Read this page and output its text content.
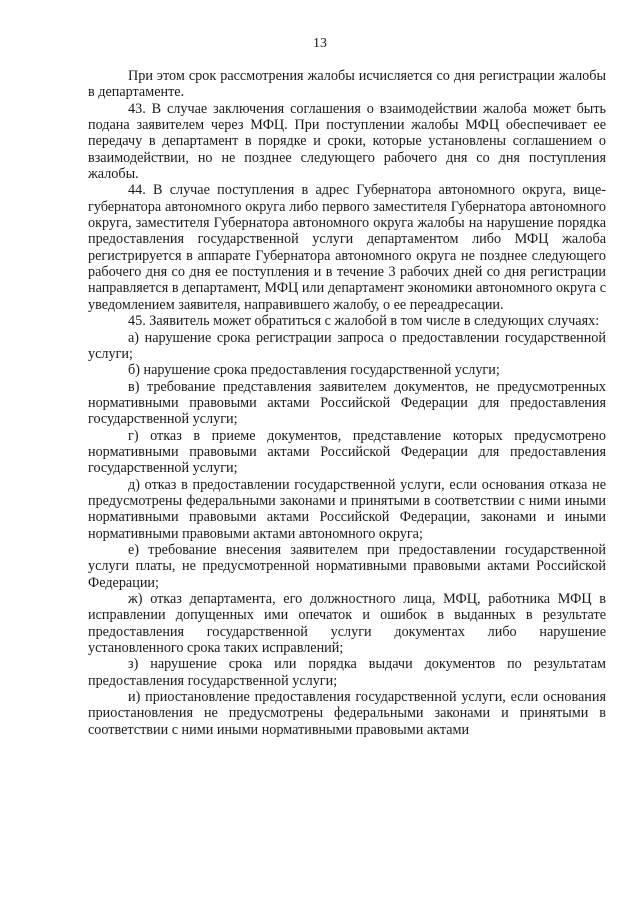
13

При этом срок рассмотрения жалобы исчисляется со дня регистрации жалобы в департаменте.

43. В случае заключения соглашения о взаимодействии жалоба может быть подана заявителем через МФЦ. При поступлении жалобы МФЦ обеспечивает ее передачу в департамент в порядке и сроки, которые установлены соглашением о взаимодействии, но не позднее следующего рабочего дня со дня поступления жалобы.

44. В случае поступления в адрес Губернатора автономного округа, вице-губернатора автономного округа либо первого заместителя Губернатора автономного округа, заместителя Губернатора автономного округа жалобы на нарушение порядка предоставления государственной услуги департаментом либо МФЦ жалоба регистрируется в аппарате Губернатора автономного округа не позднее следующего рабочего дня со дня ее поступления и в течение 3 рабочих дней со дня регистрации направляется в департамент, МФЦ или департамент экономики автономного округа с уведомлением заявителя, направившего жалобу, о ее переадресации.

45. Заявитель может обратиться с жалобой в том числе в следующих случаях:

а) нарушение срока регистрации запроса о предоставлении государственной услуги;

б) нарушение срока предоставления государственной услуги;

в) требование представления заявителем документов, не предусмотренных нормативными правовыми актами Российской Федерации для предоставления государственной услуги;

г) отказ в приеме документов, представление которых предусмотрено нормативными правовыми актами Российской Федерации для предоставления государственной услуги;

д) отказ в предоставлении государственной услуги, если основания отказа не предусмотрены федеральными законами и принятыми в соответствии с ними иными нормативными правовыми актами Российской Федерации, законами и иными нормативными правовыми актами автономного округа;

е) требование внесения заявителем при предоставлении государственной услуги платы, не предусмотренной нормативными правовыми актами Российской Федерации;

ж) отказ департамента, его должностного лица, МФЦ, работника МФЦ в исправлении допущенных ими опечаток и ошибок в выданных в результате предоставления государственной услуги документах либо нарушение установленного срока таких исправлений;

з) нарушение срока или порядка выдачи документов по результатам предоставления государственной услуги;

и) приостановление предоставления государственной услуги, если основания приостановления не предусмотрены федеральными законами и принятыми в соответствии с ними иными нормативными правовыми актами
